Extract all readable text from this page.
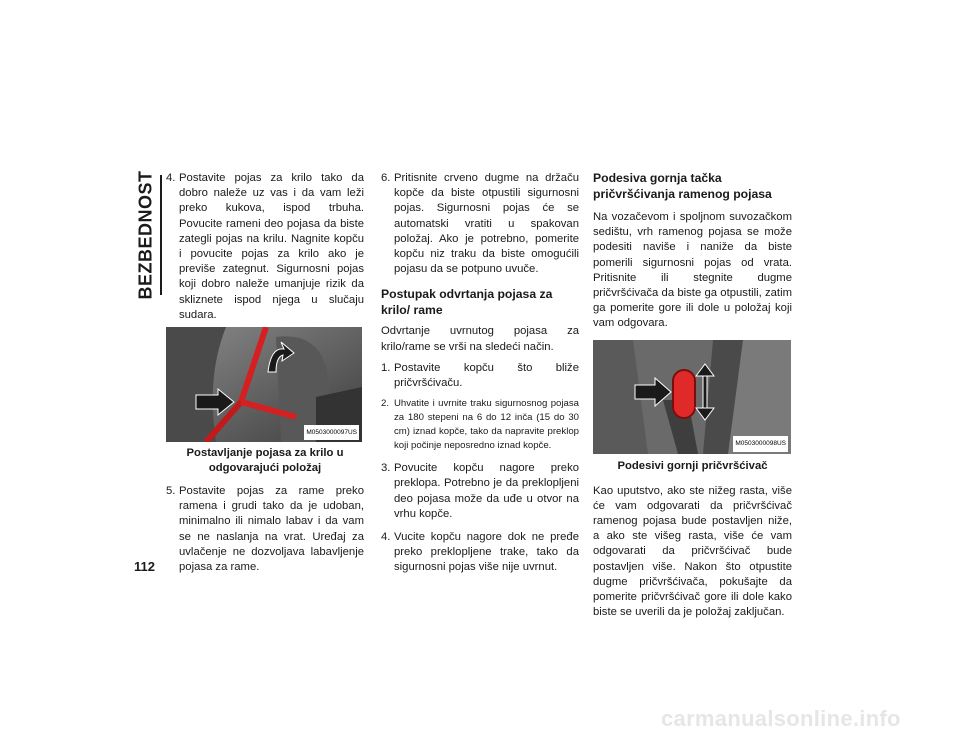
BEZBEDNOST
112
4. Postavite pojas za krilo tako da dobro naleže uz vas i da vam leži preko kukova, ispod trbuha. Povucite rameni deo pojasa da biste zategli pojas na krilu. Nagnite kopču i povucite pojas za krilo ako je previše zategnut. Sigurnosni pojas koji dobro naleže umanjuje rizik da skliznete ispod njega u slučaju sudara.
M0503000097US
Postavljanje pojasa za krilo u
odgovarajući položaj
5. Postavite pojas za rame preko ramena i grudi tako da je udoban, minimalno ili nimalo labav i da vam se ne naslanja na vrat. Uređaj za uvlačenje ne dozvoljava labavljenje pojasa za rame.
6. Pritisnite crveno dugme na držaču kopče da biste otpustili sigurnosni pojas. Sigurnosni pojas će se automatski vratiti u spakovan položaj. Ako je potrebno, pomerite kopču niz traku da biste omogućili pojasu da se potpuno uvuče.
Postupak odvrtanja pojasa za krilo/ rame

Odvrtanje uvrnutog pojasa za krilo/rame se vrši na sledeći način.

1. Postavite kopču što bliže pričvršćivaču.
2. Uhvatite i uvrnite traku sigurnosnog pojasa za 180 stepeni na 6 do 12 inča (15 do 30 cm) iznad kopče, tako da napravite preklop koji počinje neposredno iznad kopče.
3. Povucite kopču nagore preko preklopa. Potrebno je da preklopljeni deo pojasa može da uđe u otvor na vrhu kopče.
4. Vucite kopču nagore dok ne pređe preko preklopljene trake, tako da sigurnosni pojas više nije uvrnut.
Podesiva gornja tačka pričvršćivanja ramenog pojasa

Na vozačevom i spoljnom suvozačkom sedištu, vrh ramenog pojasa se može podesiti naviše i naniže da biste pomerili sigurnosni pojas od vrata. Pritisnite ili stegnite dugme pričvršćivača da biste ga otpustili, zatim ga pomerite gore ili dole u položaj koji vam odgovara.

M0503000098US
Podesivi gornji pričvršćivač

Kao uputstvo, ako ste nižeg rasta, više će vam odgovarati da pričvršćivač ramenog pojasa bude postavljen niže, a ako ste višeg rasta, više će vam odgovarati da pričvršćivač bude postavljen više. Nakon što otpustite dugme pričvršćivača, pokušajte da pomerite pričvršćivač gore ili dole kako biste se uverili da je položaj zaključan.

carmanualsonline.info
